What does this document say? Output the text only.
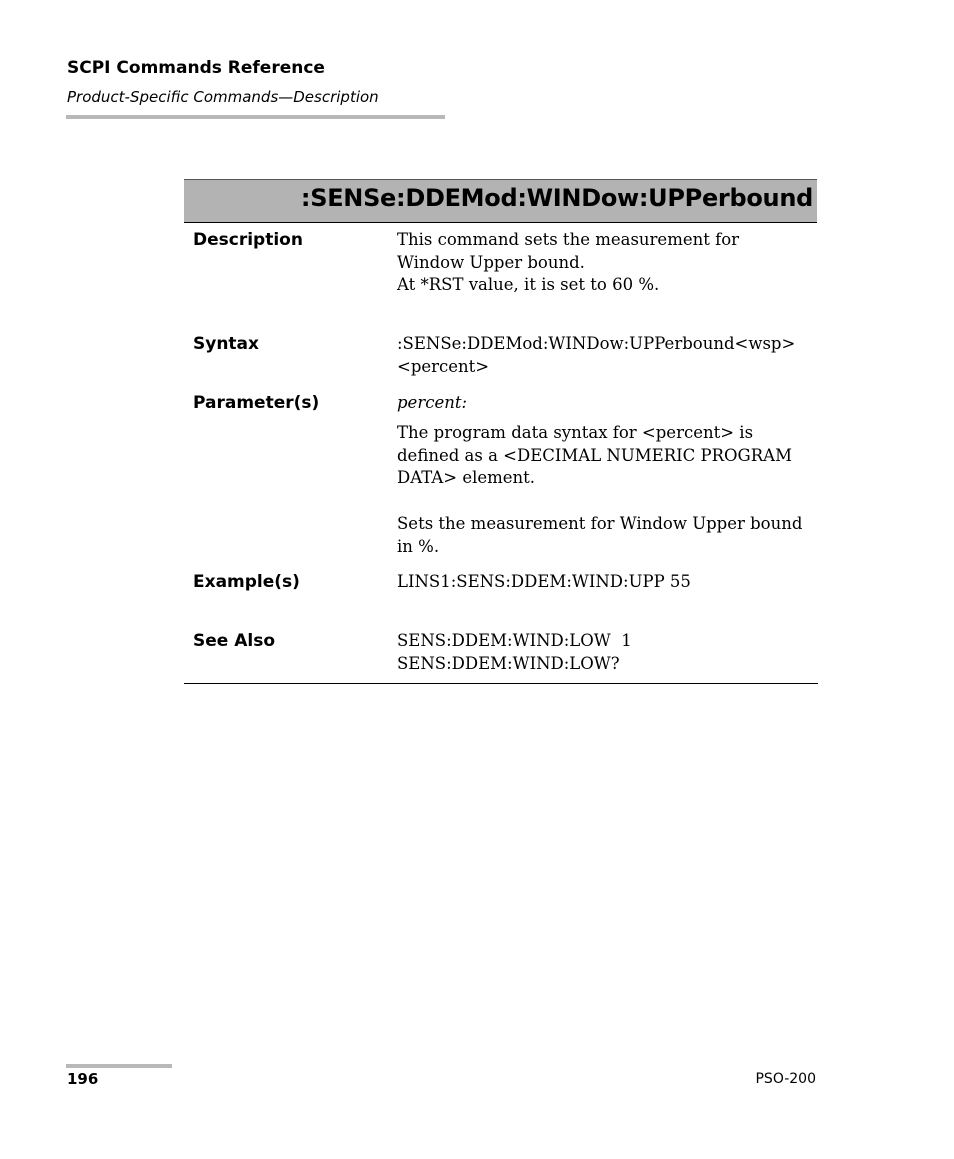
SCPI Commands Reference
Product-Specific Commands—Description
:SENSe:DDEMod:WINDow:UPPerbound
Description	This command sets the measurement for
Window Upper bound.
At *RST value, it is set to 60 %.
Syntax	:SENSe:DDEMod:WINDow:UPPerbound<wsp>
<percent>
Parameter(s)	percent:
The program data syntax for <percent> is
defined as a <DECIMAL NUMERIC PROGRAM
DATA> element.
Sets the measurement for Window Upper bound
in %.
Example(s)	LINS1:SENS:DDEM:WIND:UPP 55
See Also	SENS:DDEM:WIND:LOW  1
SENS:DDEM:WIND:LOW?
196	PSO-200
